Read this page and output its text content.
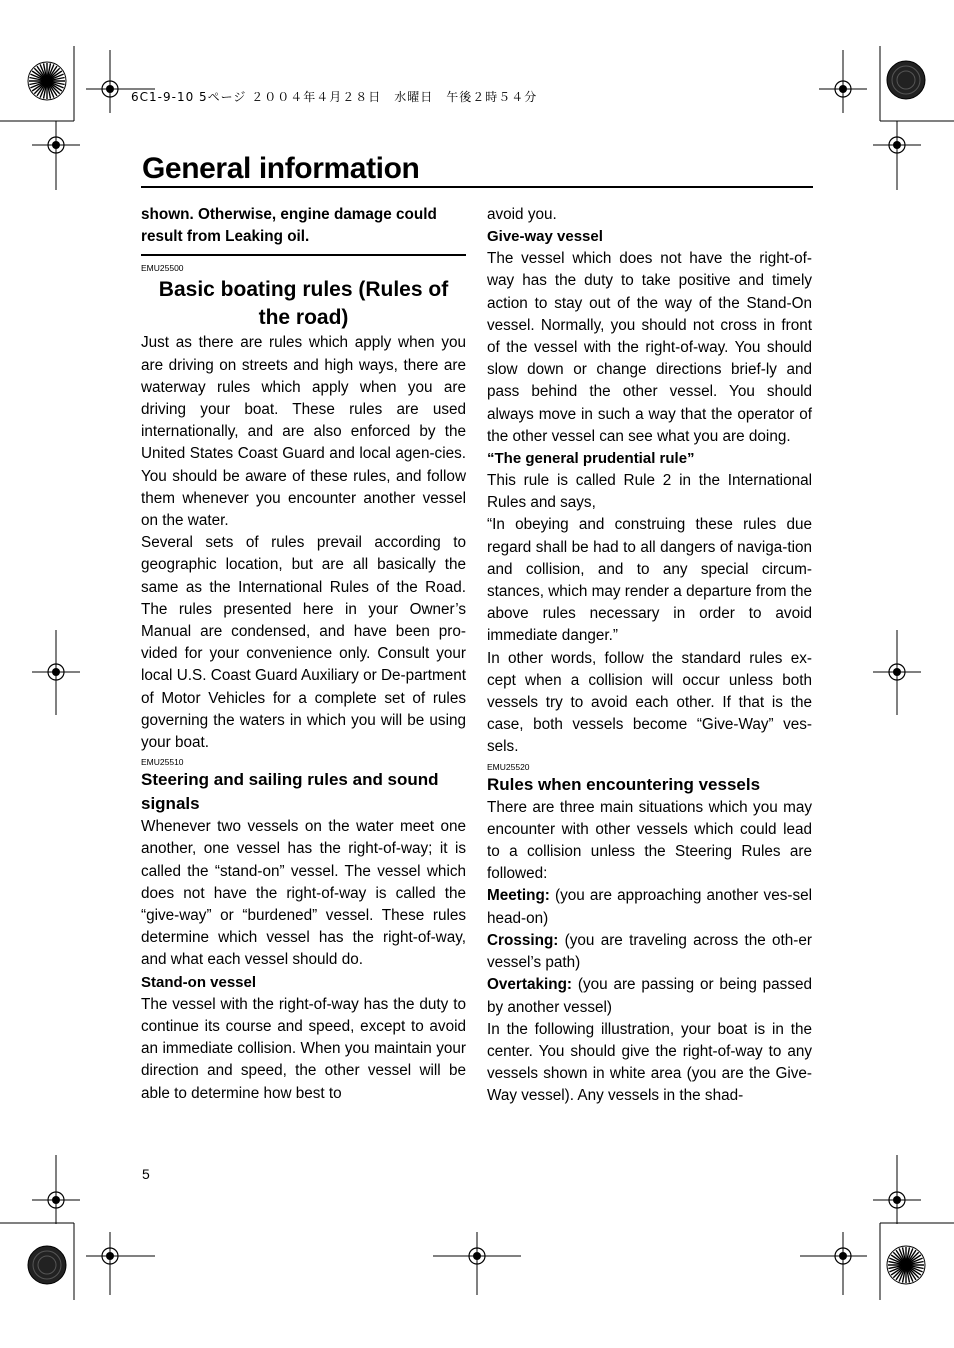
6C1-9-10 5ページ ２００４年４月２８日　水曜日　午後２時５４分
General information

shown. Otherwise, engine damage could result from Leaking oil.

EMU25500
Basic boating rules (Rules of the road)

Just as there are rules which apply when you are driving on streets and high ways, there are waterway rules which apply when you are driving your boat. These rules are used internationally, and are also enforced by the United States Coast Guard and local agen-cies. You should be aware of these rules, and follow them whenever you encounter another vessel on the water.

Several sets of rules prevail according to geographic location, but are all basically the same as the International Rules of the Road. The rules presented here in your Owner’s Manual are condensed, and have been pro-vided for your convenience only. Consult your local U.S. Coast Guard Auxiliary or De-partment of Motor Vehicles for a complete set of rules governing the waters in which you will be using your boat.

EMU25510
Steering and sailing rules and sound signals

Whenever two vessels on the water meet one another, one vessel has the right-of-way; it is called the “stand-on” vessel. The vessel which does not have the right-of-way is called the “give-way” or “burdened” vessel. These rules determine which vessel has the right-of-way, and what each vessel should do.

Stand-on vessel

The vessel with the right-of-way has the duty to continue its course and speed, except to avoid an immediate collision. When you maintain your direction and speed, the other vessel will be able to determine how best to

avoid you.

Give-way vessel

The vessel which does not have the right-of-way has the duty to take positive and timely action to stay out of the way of the Stand-On vessel. Normally, you should not cross in front of the vessel with the right-of-way. You should slow down or change directions brief-ly and pass behind the other vessel. You should always move in such a way that the operator of the other vessel can see what you are doing.

“The general prudential rule”

This rule is called Rule 2 in the International Rules and says,

“In obeying and construing these rules due regard shall be had to all dangers of naviga-tion and collision, and to any special circum-stances, which may render a departure from the above rules necessary in order to avoid immediate danger.”

In other words, follow the standard rules ex-cept when a collision will occur unless both vessels try to avoid each other. If that is the case, both vessels become “Give-Way” ves-sels.

EMU25520
Rules when encountering vessels

There are three main situations which you may encounter with other vessels which could lead to a collision unless the Steering Rules are followed:

Meeting: (you are approaching another ves-sel head-on)

Crossing: (you are traveling across the oth-er vessel’s path)

Overtaking: (you are passing or being passed by another vessel)

In the following illustration, your boat is in the center. You should give the right-of-way to any vessels shown in white area (you are the Give-Way vessel). Any vessels in the shad-

5
